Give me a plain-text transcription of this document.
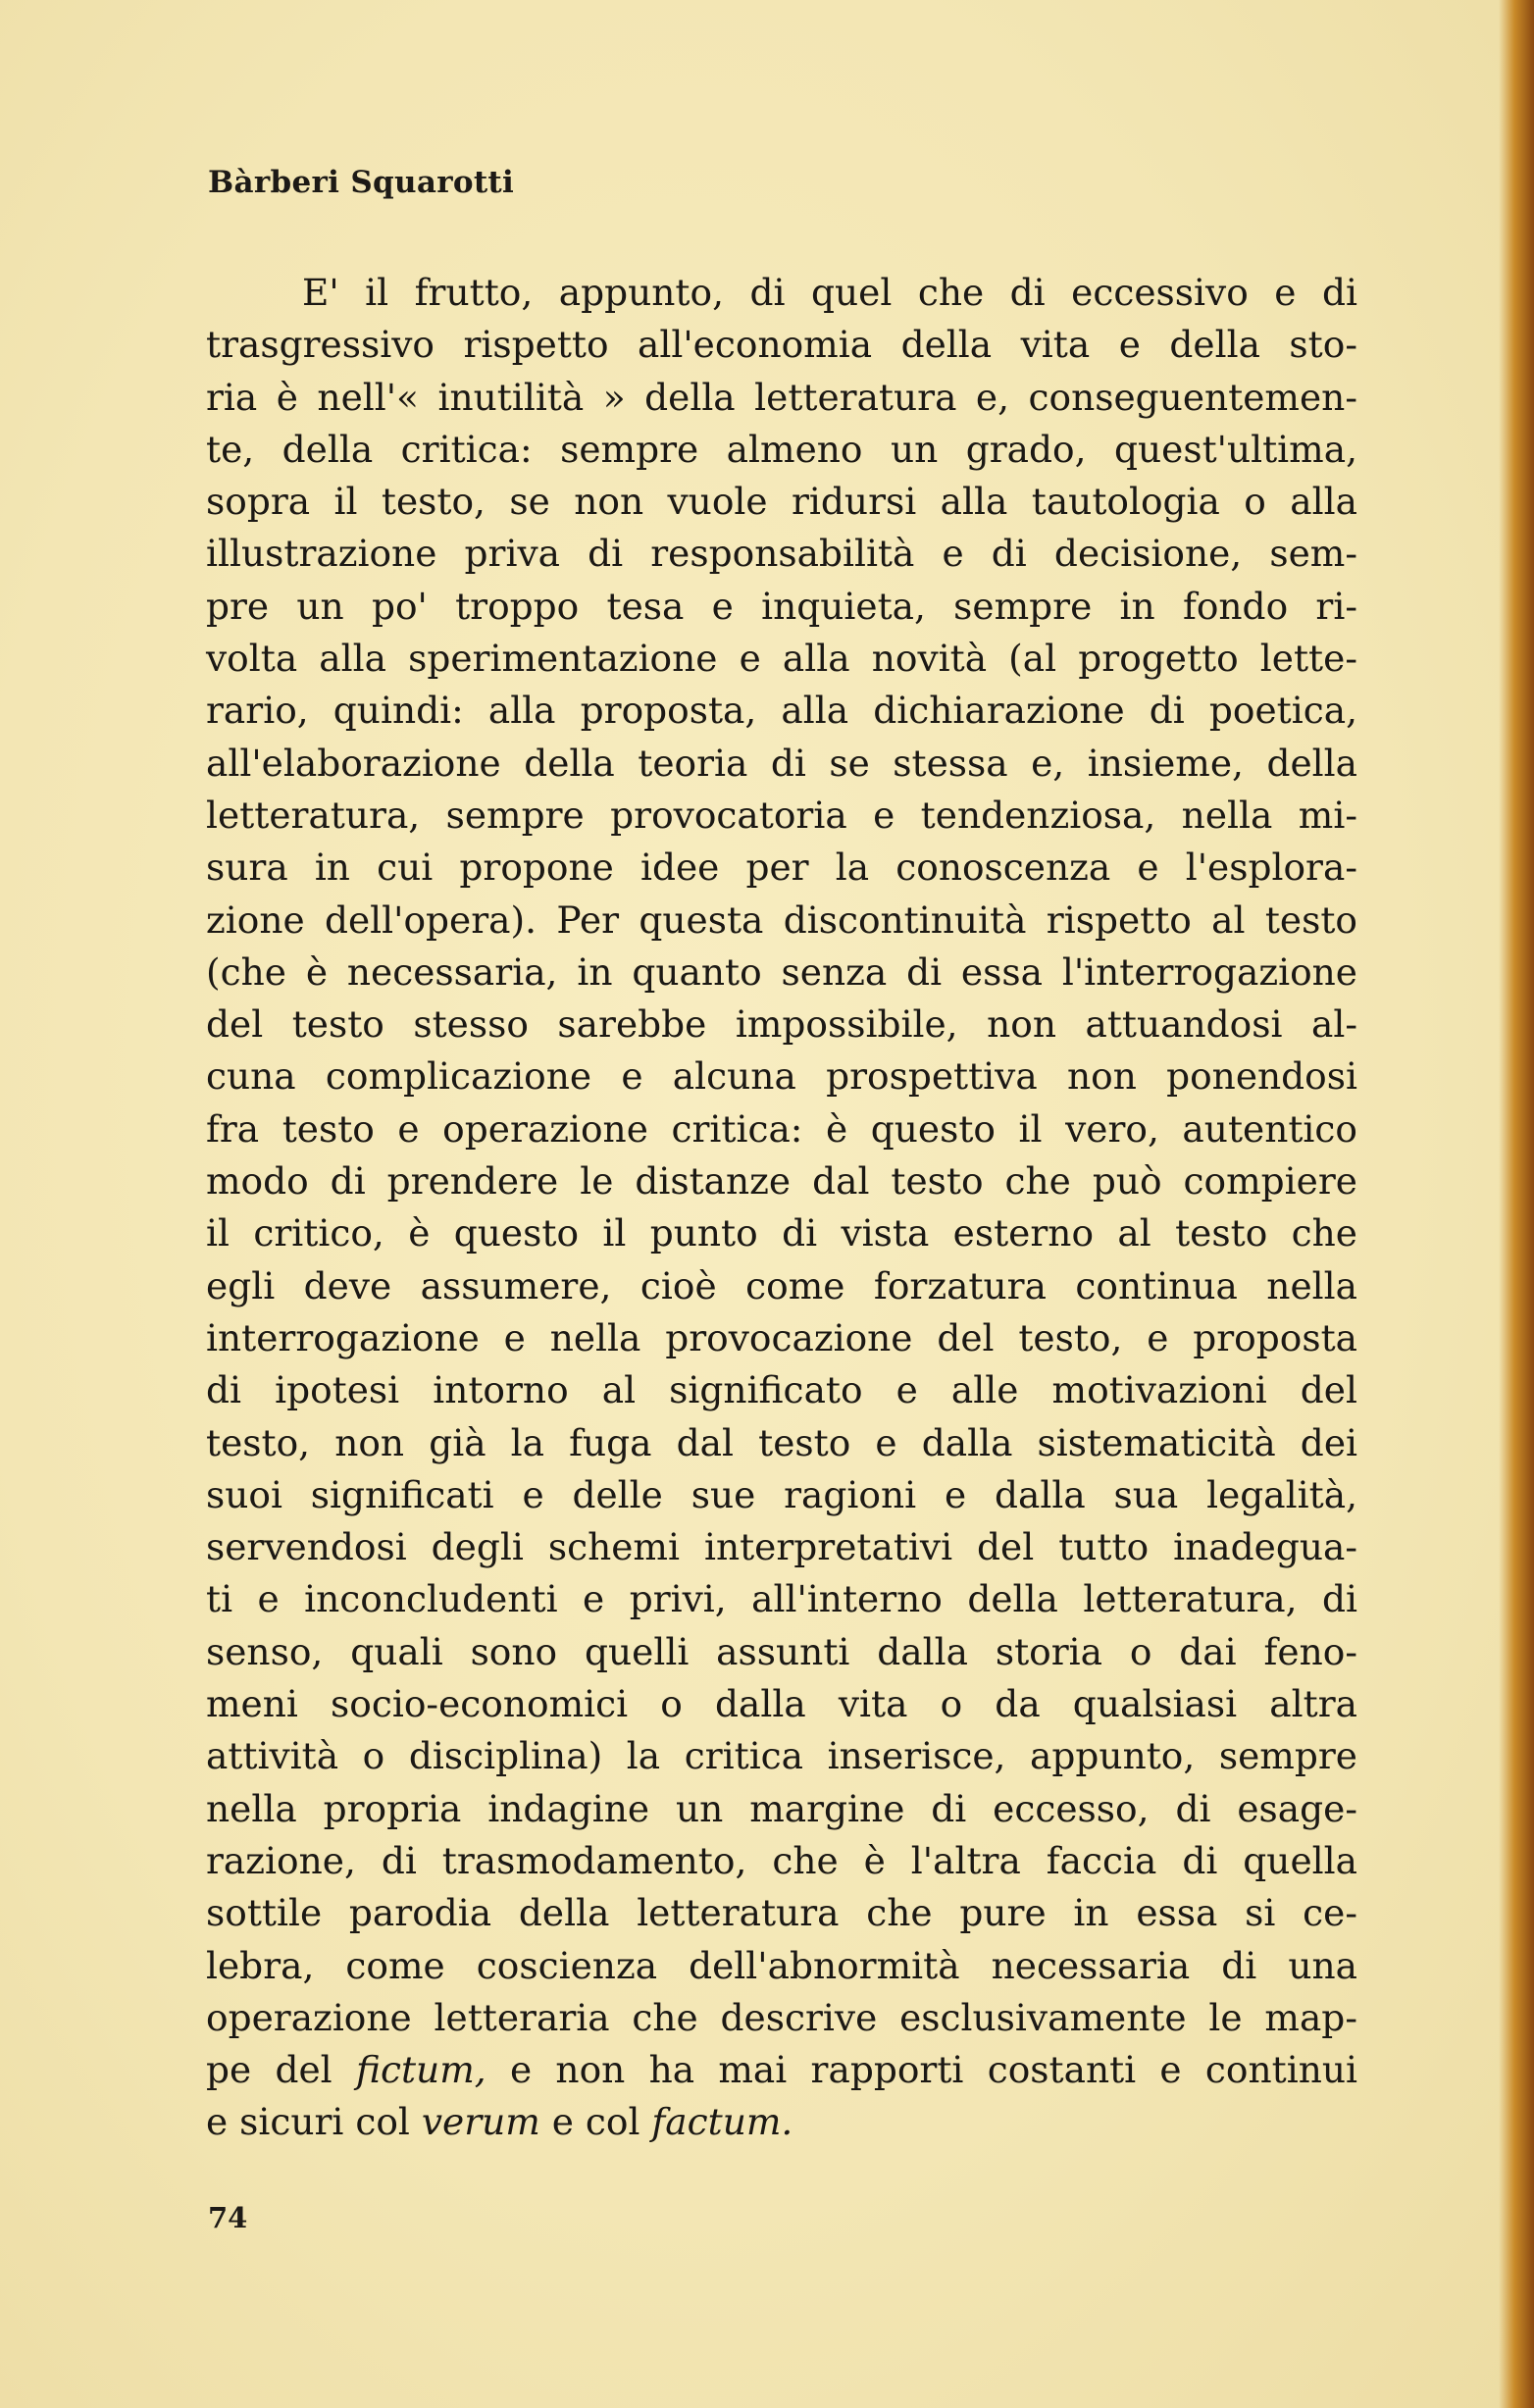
Bàrberi Squarotti
E' il frutto, appunto, di quel che di eccessivo e di
trasgressivo rispetto all'economia della vita e della sto-
ria è nell'« inutilità » della letteratura e, conseguentemen-
te, della critica: sempre almeno un grado, quest'ultima,
sopra il testo, se non vuole ridursi alla tautologia o alla
illustrazione priva di responsabilità e di decisione, sem-
pre un po' troppo tesa e inquieta, sempre in fondo ri-
volta alla sperimentazione e alla novità (al progetto lette-
rario, quindi: alla proposta, alla dichiarazione di poetica,
all'elaborazione della teoria di se stessa e, insieme, della
letteratura, sempre provocatoria e tendenziosa, nella mi-
sura in cui propone idee per la conoscenza e l'esplora-
zione dell'opera). Per questa discontinuità rispetto al testo
(che è necessaria, in quanto senza di essa l'interrogazione
del testo stesso sarebbe impossibile, non attuandosi al-
cuna complicazione e alcuna prospettiva non ponendosi
fra testo e operazione critica: è questo il vero, autentico
modo di prendere le distanze dal testo che può compiere
il critico, è questo il punto di vista esterno al testo che
egli deve assumere, cioè come forzatura continua nella
interrogazione e nella provocazione del testo, e proposta
di ipotesi intorno al significato e alle motivazioni del
testo, non già la fuga dal testo e dalla sistematicità dei
suoi significati e delle sue ragioni e dalla sua legalità,
servendosi degli schemi interpretativi del tutto inadegua-
ti e inconcludenti e privi, all'interno della letteratura, di
senso, quali sono quelli assunti dalla storia o dai feno-
meni socio-economici o dalla vita o da qualsiasi altra
attività o disciplina) la critica inserisce, appunto, sempre
nella propria indagine un margine di eccesso, di esage-
razione, di trasmodamento, che è l'altra faccia di quella
sottile parodia della letteratura che pure in essa si ce-
lebra, come coscienza dell'abnormità necessaria di una
operazione letteraria che descrive esclusivamente le map-
pe del fictum, e non ha mai rapporti costanti e continui
e sicuri col verum e col factum.
74
